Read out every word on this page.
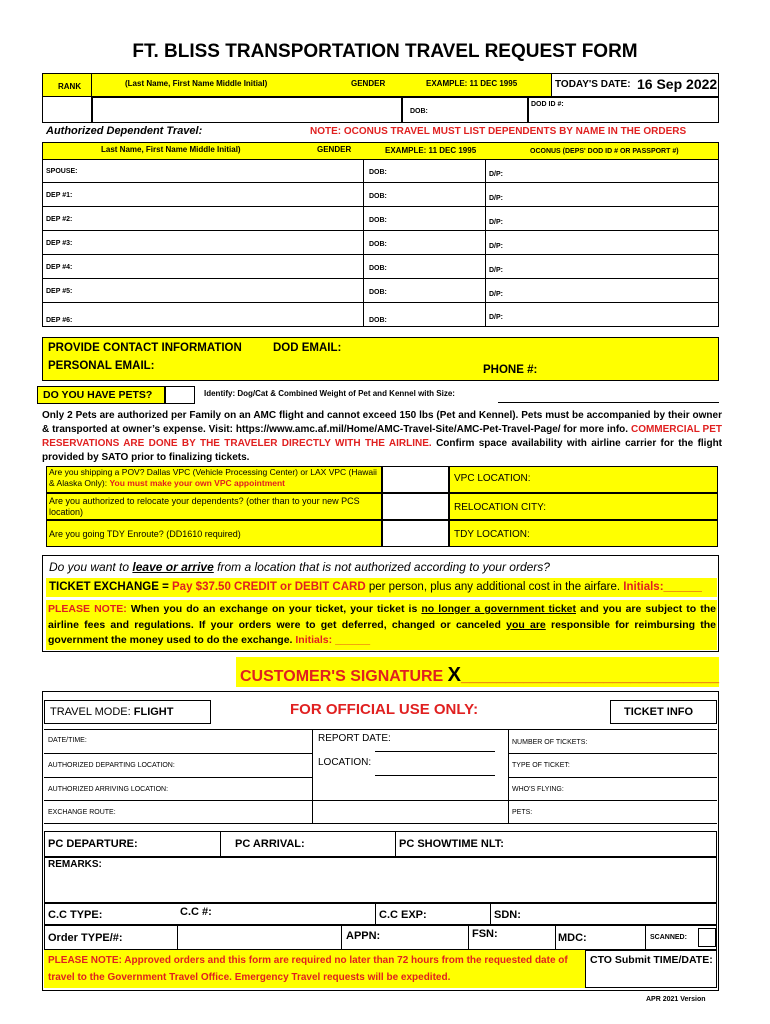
FT. BLISS TRANSPORTATION TRAVEL REQUEST FORM
RANK	(Last Name, First Name Middle Initial)	GENDER	EXAMPLE: 11 DEC 1995	TODAY'S DATE: 16 Sep 2022
DOB:
DOD ID #:
Authorized Dependent Travel:	NOTE: OCONUS TRAVEL MUST LIST DEPENDENTS BY NAME IN THE ORDERS
Last Name, First Name Middle Initial)	GENDER	EXAMPLE: 11 DEC 1995	OCONUS (DEPS' DOD ID # OR PASSPORT #)
SPOUSE:	DOB:	D/P:
DEP #1:	DOB:	D/P:
DEP #2:	DOB:	D/P:
DEP #3:	DOB:	D/P:
DEP #4:	DOB:	D/P:
DEP #5:	DOB:	D/P:
DEP #6:	DOB:	D/P:
PROVIDE CONTACT INFORMATION	DOD EMAIL:
PERSONAL EMAIL:	PHONE #:
DO YOU HAVE PETS?	Identify: Dog/Cat & Combined Weight of Pet and Kennel with Size:
Only 2 Pets are authorized per Family on an AMC flight and cannot exceed 150 lbs (Pet and Kennel). Pets must be accompanied by their owner & transported at owner’s expense. Visit: https://www.amc.af.mil/Home/AMC-Travel-Site/AMC-Pet-Travel-Page/ for more info. COMMERCIAL PET RESERVATIONS ARE DONE BY THE TRAVELER DIRECTLY WITH THE AIRLINE. Confirm space availability with airline carrier for the flight provided by SATO prior to finalizing tickets.
Are you shipping a POV? Dallas VPC (Vehicle Processing Center) or LAX VPC (Hawaii & Alaska Only): You must make your own VPC appointment	VPC LOCATION:
Are you authorized to relocate your dependents? (other than to your new PCS location)	RELOCATION CITY:
Are you going TDY Enroute? (DD1610 required)	TDY LOCATION:
Do you want to leave or arrive from a location that is not authorized according to your orders?
TICKET EXCHANGE = Pay $37.50 CREDIT or DEBIT CARD per person, plus any additional cost in the airfare. Initials:______
PLEASE NOTE: When you do an exchange on your ticket, your ticket is no longer a government ticket and you are subject to the airline fees and regulations. If your orders were to get deferred, changed or canceled you are responsible for reimbursing the government the money used to do the exchange. Initials: ______
CUSTOMER'S SIGNATURE X_____________________________
TRAVEL MODE: FLIGHT	FOR OFFICIAL USE ONLY:	TICKET INFO
DATE/TIME:	REPORT DATE:	NUMBER OF TICKETS:
AUTHORIZED DEPARTING LOCATION:	LOCATION:	TYPE OF TICKET:
AUTHORIZED ARRIVING LOCATION:	WHO'S FLYING:
EXCHANGE ROUTE:	PETS:
PC DEPARTURE:	PC ARRIVAL:	PC SHOWTIME NLT:
REMARKS:
C.C TYPE:	C.C #:	C.C EXP:	SDN:
Order TYPE/#:	APPN:	FSN:	MDC:	SCANNED:
PLEASE NOTE: Approved orders and this form are required no later than 72 hours from the requested date of travel to the Government Travel Office. Emergency Travel requests will be expedited.
CTO Submit TIME/DATE:
APR 2021 Version
